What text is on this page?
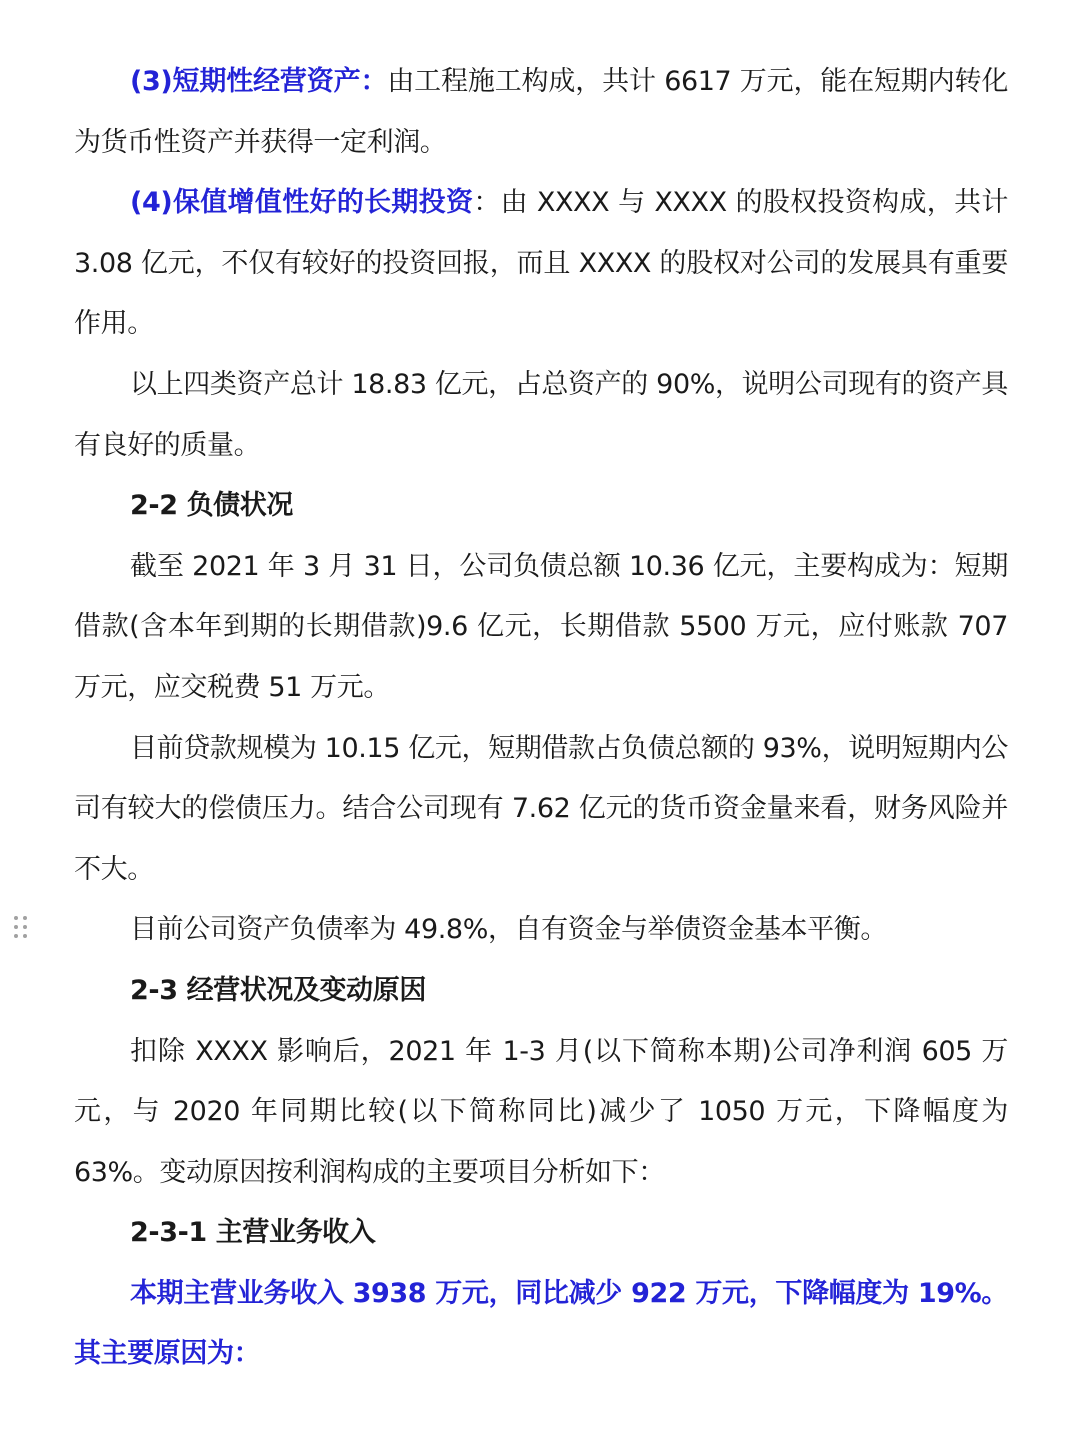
(3)短期性经营资产：由工程施工构成，共计 6617 万元，能在短期内转化为货币性资产并获得一定利润。

(4)保值增值性好的长期投资：由 XXXX 与 XXXX 的股权投资构成，共计 3.08 亿元，不仅有较好的投资回报，而且 XXXX 的股权对公司的发展具有重要作用。

以上四类资产总计 18.83 亿元，占总资产的 90%，说明公司现有的资产具有良好的质量。

2-2 负债状况

截至 2021 年 3 月 31 日，公司负债总额 10.36 亿元，主要构成为：短期借款(含本年到期的长期借款)9.6 亿元，长期借款 5500 万元，应付账款 707 万元，应交税费 51 万元。

目前贷款规模为 10.15 亿元，短期借款占负债总额的 93%，说明短期内公司有较大的偿债压力。结合公司现有 7.62 亿元的货币资金量来看，财务风险并不大。

目前公司资产负债率为 49.8%，自有资金与举债资金基本平衡。

2-3 经营状况及变动原因

扣除 XXXX 影响后，2021 年 1-3 月(以下简称本期)公司净利润 605 万元，与 2020 年同期比较(以下简称同比)减少了 1050 万元，下降幅度为 63%。变动原因按利润构成的主要项目分析如下：

2-3-1 主营业务收入

本期主营业务收入 3938 万元，同比减少 922 万元，下降幅度为 19%。其主要原因为：
